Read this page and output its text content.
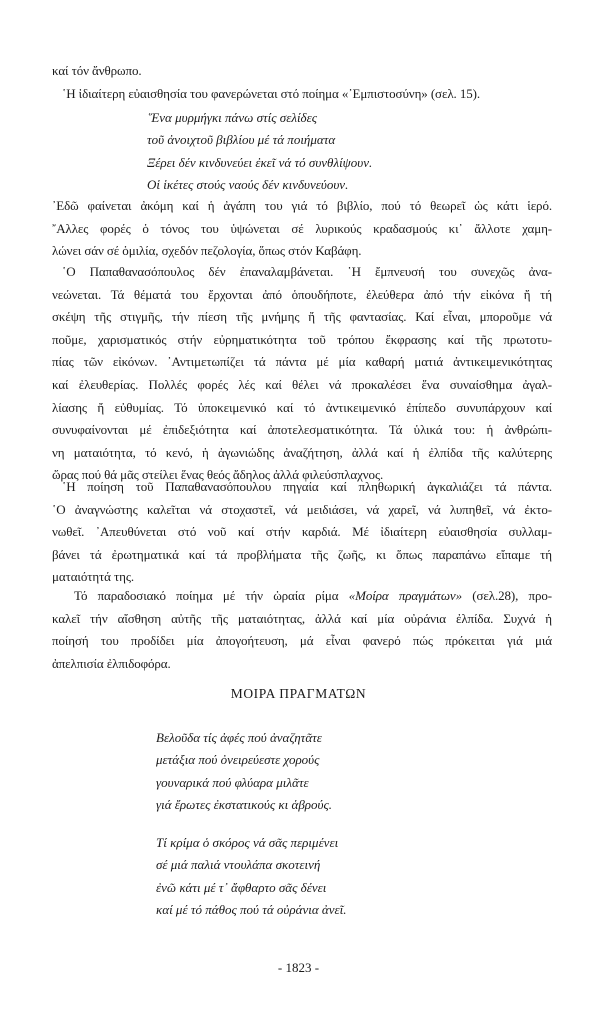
καί τόν ἄνθρωπο.
῾Η ἰδιαίτερη εὐαισθησία του φανερώνεται στό ποίημα «᾽Εμπιστοσύνη» (σελ. 15).
῞Ενα μυρμήγκι πάνω στίς σελίδες
τοῦ ἀνοιχτοῦ βιβλίου μέ τά ποιήματα
Ξέρει δέν κινδυνεύει ἐκεῖ νά τό συνθλίψουν.
Οἱ ἱκέτες στούς ναούς δέν κινδυνεύουν.
᾽Εδῶ φαίνεται ἀκόμη καί ἡ ἀγάπη του γιά τό βιβλίο, πού τό θεωρεῖ ὡς κάτι ἱερό.
῎Αλλες φορές ὁ τόνος του ὑψώνεται σέ λυρικούς κραδασμούς κι᾽ ἄλλοτε χαμη-
λώνει σάν σέ ὁμιλία, σχεδόν πεζολογία, ὅπως στόν Καβάφη.
῾Ο Παπαθανασόπουλος δέν ἐπαναλαμβάνεται. ῾Η ἔμπνευσή του συνεχῶς ἀνα-
νεώνεται. Τά θέματά του ἔρχονται ἀπό ὁπουδήποτε, ἐλεύθερα ἀπό τήν εἰκόνα ἤ τή
σκέψη τῆς στιγμῆς, τήν πίεση τῆς μνήμης ἤ τῆς φαντασίας. Καί εἶναι, μποροῦμε νά
ποῦμε, χαρισματικός στήν εὐρηματικότητα τοῦ τρόπου ἔκφρασης καί τῆς πρωτοτυ-
πίας τῶν εἰκόνων. ᾽Αντιμετωπίζει τά πάντα μέ μία καθαρή ματιά ἀντικειμενικότητας
καί ἐλευθερίας. Πολλές φορές λές καί θέλει νά προκαλέσει ἕνα συναίσθημα ἀγαλ-
λίασης ἤ εὐθυμίας. Τό ὑποκειμενικό καί τό ἀντικειμενικό ἐπίπεδο συνυπάρχουν καί
συνυφαίνονται μέ ἐπιδεξιότητα καί ἀποτελεσματικότητα. Τά ὑλικά του: ἡ ἀνθρώπι-
νη ματαιότητα, τό κενό, ἡ ἀγωνιώδης ἀναζήτηση, ἀλλά καί ἡ ἐλπίδα τῆς καλύτερης
ὥρας πού θά μᾶς στείλει ἕνας θεός ἄδηλος ἀλλά φιλεύσπλαχνος.
῾Η ποίηση τοῦ Παπαθανασόπουλου πηγαία καί πληθωρική ἀγκαλιάζει τά πάντα.
῾Ο ἀναγνώστης καλεῖται νά στοχαστεῖ, νά μειδιάσει, νά χαρεῖ, νά λυπηθεῖ, νά ἐκτο-
νωθεῖ. ᾽Απευθύνεται στό νοῦ καί στήν καρδιά. Μέ ἰδιαίτερη εὐαισθησία συλλαμ-
βάνει τά ἐρωτηματικά καί τά προβλήματα τῆς ζωῆς, κι ὅπως παραπάνω εἴπαμε τή
ματαιότητά της.
Τό παραδοσιακό ποίημα μέ τήν ὡραία ρίμα «Μοίρα πραγμάτων» (σελ.28), προ-
καλεῖ τήν αἴσθηση αὐτῆς τῆς ματαιότητας, ἀλλά καί μία οὐράνια ἐλπίδα. Συχνά ἡ
ποίησή του προδίδει μία ἀπογοήτευση, μά εἶναι φανερό πώς πρόκειται γιά μιά
ἀπελπισία ἐλπιδοφόρα.
ΜΟΙΡΑ ΠΡΑΓΜΑΤΩΝ
Βελοῦδα τίς ἀφές πού ἀναζητᾶτε
μετάξια πού ὀνειρεύεστε χορούς
γουναρικά πού φλύαρα μιλᾶτε
γιά ἔρωτες ἐκστατικούς κι ἁβρούς.
Τί κρίμα ὁ σκόρος νά σᾶς περιμένει
σέ μιά παλιά ντουλάπα σκοτεινή
ἐνῶ κάτι μέ τ᾽ ἄφθαρτο σᾶς δένει
καί μέ τό πάθος πού τά οὐράνια ἀνεῖ.
- 1823 -
